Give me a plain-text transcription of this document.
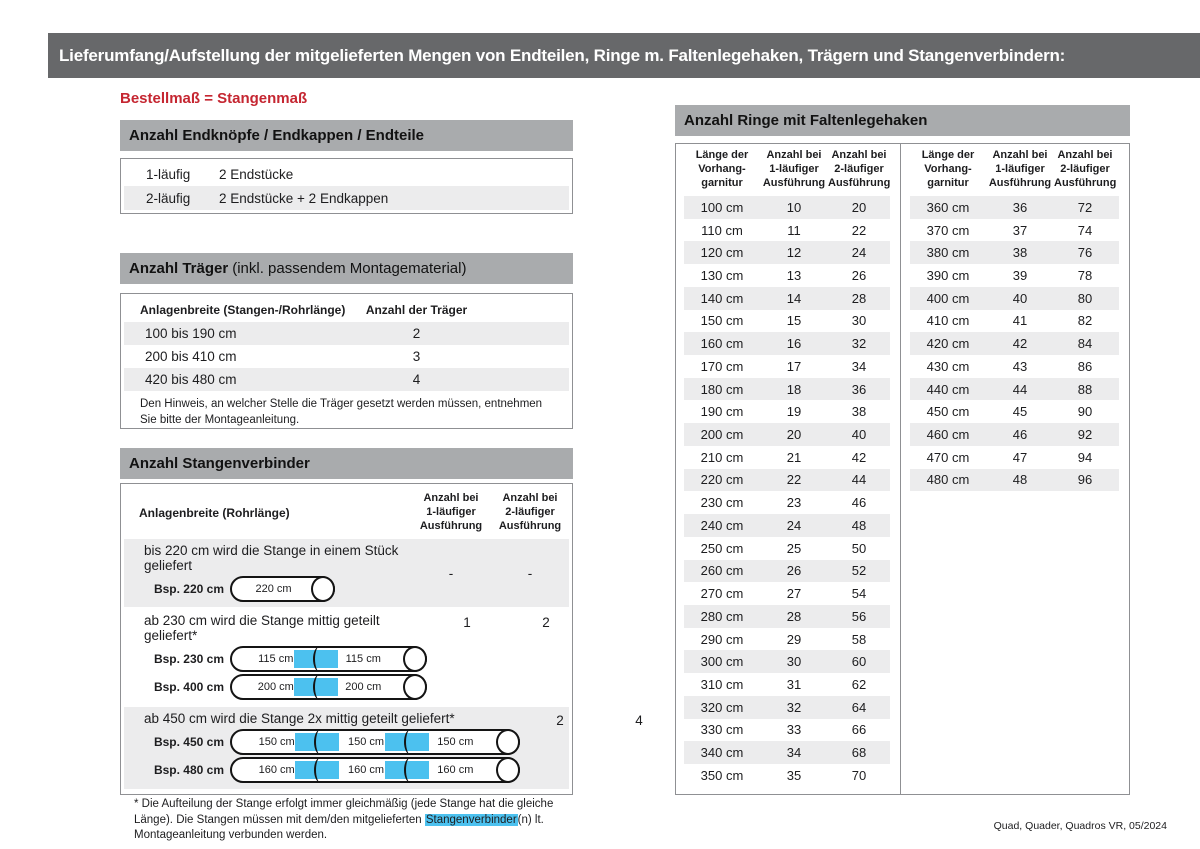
Lieferumfang/Aufstellung der mitgelieferten Mengen von Endteilen, Ringe m. Faltenlegehaken, Trägern und Stangenverbindern:
Bestellmaß = Stangenmaß
Anzahl Endknöpfe / Endkappen / Endteile
1-läufig	2 Endstücke
2-läufig	2 Endstücke + 2 Endkappen
Anzahl Träger (inkl. passendem Montagematerial)
Anlagenbreite (Stangen-/Rohrlänge)	Anzahl der Träger
100 bis 190 cm	2
200 bis 410 cm	3
420 bis 480 cm	4
Den Hinweis, an welcher Stelle die Träger gesetzt werden müssen, entnehmen Sie bitte der Montageanleitung.
Anzahl Stangenverbinder
Anlagenbreite (Rohrlänge)
Anzahl bei
1-läufiger
Ausführung
Anzahl bei
2-läufiger
Ausführung
bis 220 cm wird die Stange in einem Stück geliefert
Bsp. 220 cm	220 cm
-	-
ab 230 cm wird die Stange mittig geteilt geliefert*
Bsp. 230 cm	115 cm	115 cm
Bsp. 400 cm	200 cm	200 cm
1	2
ab 450 cm wird die Stange 2x mittig geteilt geliefert*
Bsp. 450 cm	150 cm	150 cm	150 cm
Bsp. 480 cm	160 cm	160 cm	160 cm
2	4
* Die Aufteilung der Stange erfolgt immer gleichmäßig (jede Stange hat die gleiche Länge). Die Stangen müssen mit dem/den mitgelieferten Stangenverbinder(n) lt. Montageanleitung verbunden werden.
Anzahl Ringe mit Faltenlegehaken
Länge der
Vorhang-
garnitur
Anzahl bei
1-läufiger
Ausführung
Anzahl bei
2-läufiger
Ausführung
100 cm	10	20
110 cm	11	22
120 cm	12	24
130 cm	13	26
140 cm	14	28
150 cm	15	30
160 cm	16	32
170 cm	17	34
180 cm	18	36
190 cm	19	38
200 cm	20	40
210 cm	21	42
220 cm	22	44
230 cm	23	46
240 cm	24	48
250 cm	25	50
260 cm	26	52
270 cm	27	54
280 cm	28	56
290 cm	29	58
300 cm	30	60
310 cm	31	62
320 cm	32	64
330 cm	33	66
340 cm	34	68
350 cm	35	70
Länge der
Vorhang-
garnitur
Anzahl bei
1-läufiger
Ausführung
Anzahl bei
2-läufiger
Ausführung
360 cm	36	72
370 cm	37	74
380 cm	38	76
390 cm	39	78
400 cm	40	80
410 cm	41	82
420 cm	42	84
430 cm	43	86
440 cm	44	88
450 cm	45	90
460 cm	46	92
470 cm	47	94
480 cm	48	96
Quad, Quader, Quadros VR, 05/2024
